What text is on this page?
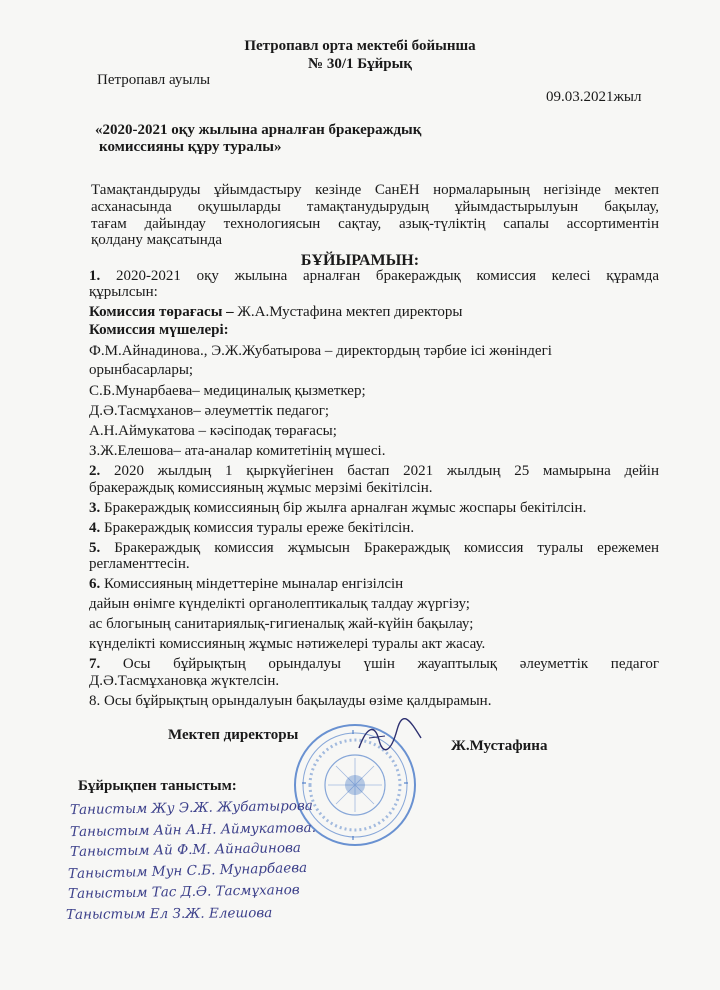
Петропавл орта мектебі бойынша
№ 30/1 Бұйрық
Петропавл ауылы
09.03.2021жыл
«2020-2021 оқу жылына арналған бракераждық
комиссияны құру туралы»
Тамақтандыруды ұйымдастыру кезінде СанЕН нормаларының негізінде мектеп
асханасында оқушыларды тамақтанудырудың ұйымдастырылуын бақылау,
тағам дайындау технологиясын сақтау, азық-түліктің сапалы ассортиментін
қолдану мақсатында
БҰЙЫРАМЫН:
1. 2020-2021 оқу жылына арналған бракераждық комиссия келесі құрамда
құрылсын:
Комиссия төрағасы – Ж.А.Мустафина мектеп директоры
Комиссия мүшелері:
Ф.М.Айнадинова., Э.Ж.Жубатырова – директордың тәрбие ісі жөніндегі
орынбасарлары;
С.Б.Мунарбаева– медициналық қызметкер;
Д.Ә.Тасмұханов– әлеуметтік педагог;
А.Н.Аймукатова – кәсіподақ төрағасы;
З.Ж.Елешова– ата-аналар комитетінің мүшесі.
2. 2020 жылдың 1 қыркүйегінен бастап 2021 жылдың 25 мамырына дейін
бракераждық комиссияның жұмыс мерзімі бекітілсін.
3. Бракераждық комиссияның бір жылға арналған жұмыс жоспары бекітілсін.
4. Бракераждық комиссия туралы ереже бекітілсін.
5. Бракераждық комиссия жұмысын Бракераждық комиссия туралы ережемен
регламенттесін.
6. Комиссияның міндеттеріне мыналар енгізілсін
дайын өнімге күнделікті органолептикалық талдау жүргізу;
ас блогының санитариялық-гигиеналық жай-күйін бақылау;
күнделікті комиссияның жұмыс нәтижелері туралы акт жасау.
7. Осы бұйрықтың орындалуы үшін жауаптылық әлеуметтік педагог
Д.Ә.Тасмұхановқа жүктелсін.
8. Осы бұйрықтың орындалуын бақылауды өзіме қалдырамын.
Мектеп директоры
Ж.Мустафина
Бұйрықпен таныстым:
Танистым Жу Э.Ж. Жубатырова
Таныстым Айн А.Н. Аймукатова.
Таныстым Ай Ф.М. Айнадинова
Таныстым Мун С.Б. Мунарбаева
Таныстым Тас Д.Ә. Тасмұханов
Таныстым Ел З.Ж. Елешова
